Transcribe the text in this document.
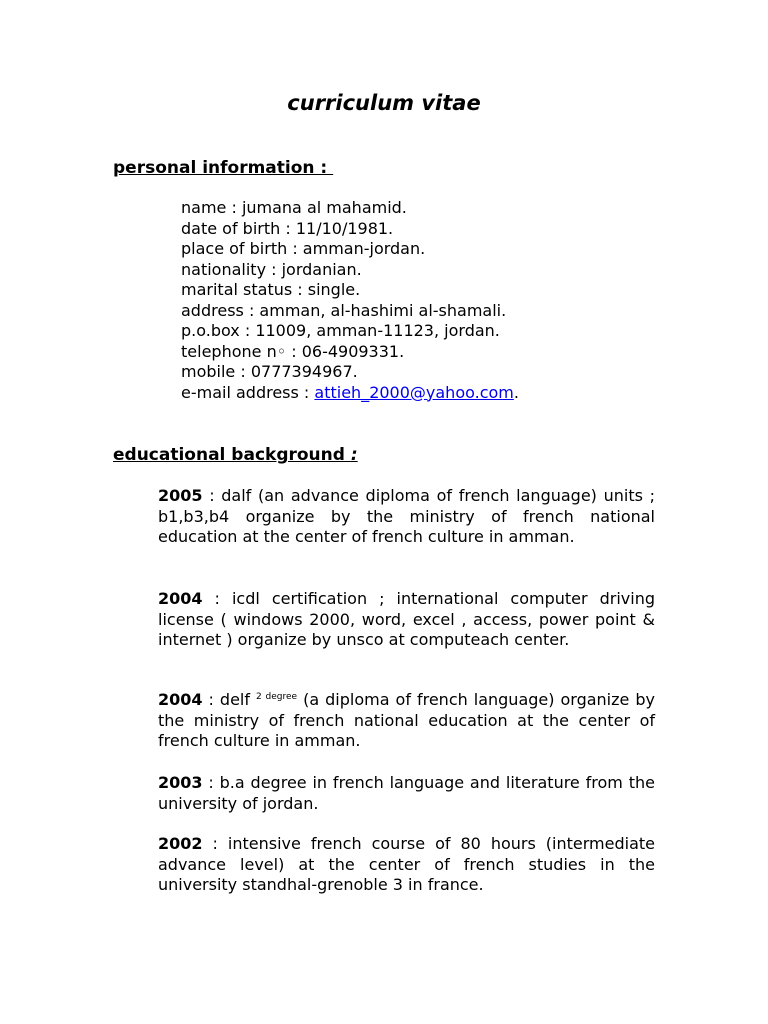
curriculum vitae
personal information :
name : jumana al mahamid.
date of birth : 11/10/1981.
place of birth : amman-jordan.
nationality : jordanian.
marital status : single.
address : amman, al-hashimi al-shamali.
p.o.box : 11009, amman-11123, jordan.
telephone n◦ : 06-4909331.
mobile : 0777394967.
e-mail address : attieh_2000@yahoo.com.
educational background :

2005 : dalf (an advance diploma of french language) units ; b1,b3,b4 organize by the ministry of french national education at the center of french culture in amman.

2004 : icdl certification ; international computer driving license ( windows 2000, word, excel , access, power point & internet ) organize by unsco at computeach center.

2004 : delf $^{2 degree}$ (a diploma of french language) organize by the ministry of french national education at the center of french culture in amman.

2003 : b.a degree in french language and literature from the university of jordan.

2002 : intensive french course of 80 hours (intermediate advance level) at the center of french studies in the university standhal-grenoble 3 in france.
